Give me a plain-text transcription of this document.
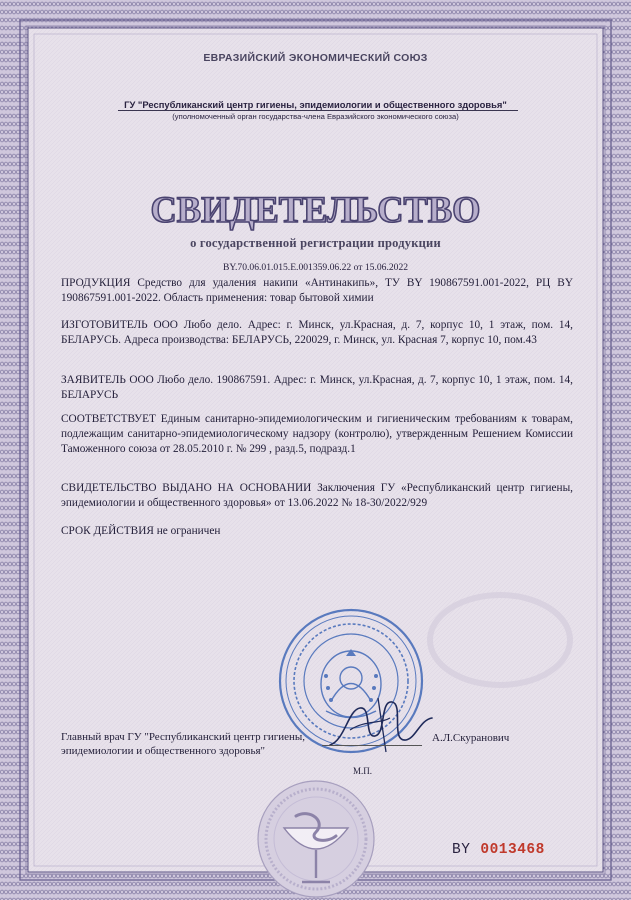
ЕВРАЗИЙСКИЙ ЭКОНОМИЧЕСКИЙ СОЮЗ
ГУ "Республиканский центр гигиены, эпидемиологии и общественного здоровья"
(уполномоченный орган государства-члена Евразийского экономического союза)
СВИДЕТЕЛЬСТВО
о государственной регистрации продукции
BY.70.06.01.015.E.001359.06.22 от 15.06.2022
ПРОДУКЦИЯ Средство для удаления накипи «Антинакипь», ТУ BY 190867591.001-2022, РЦ BY 190867591.001-2022. Область применения: товар бытовой химии
ИЗГОТОВИТЕЛЬ ООО Любо дело. Адрес: г. Минск, ул.Красная, д. 7, корпус 10, 1 этаж, пом. 14, БЕЛАРУСЬ. Адреса производства: БЕЛАРУСЬ, 220029, г. Минск, ул. Красная 7, корпус 10, пом.43
ЗАЯВИТЕЛЬ ООО Любо дело. 190867591. Адрес: г. Минск, ул.Красная, д. 7, корпус 10, 1 этаж, пом. 14, БЕЛАРУСЬ
СООТВЕТСТВУЕТ Единым санитарно-эпидемиологическим и гигиеническим требованиям к товарам, подлежащим санитарно-эпидемиологическому надзору (контролю), утвержденным Решением Комиссии Таможенного союза от 28.05.2010 г. № 299 , разд.5, подразд.1
СВИДЕТЕЛЬСТВО ВЫДАНО НА ОСНОВАНИИ Заключения ГУ «Республиканский центр гигиены, эпидемиологии и общественного здоровья» от 13.06.2022 № 18-30/2022/929
СРОК ДЕЙСТВИЯ не ограничен
Главный врач ГУ "Республиканский центр гигиены, эпидемиологии и общественного здоровья"
А.Л.Скуранович
М.П.
BY 0013468
